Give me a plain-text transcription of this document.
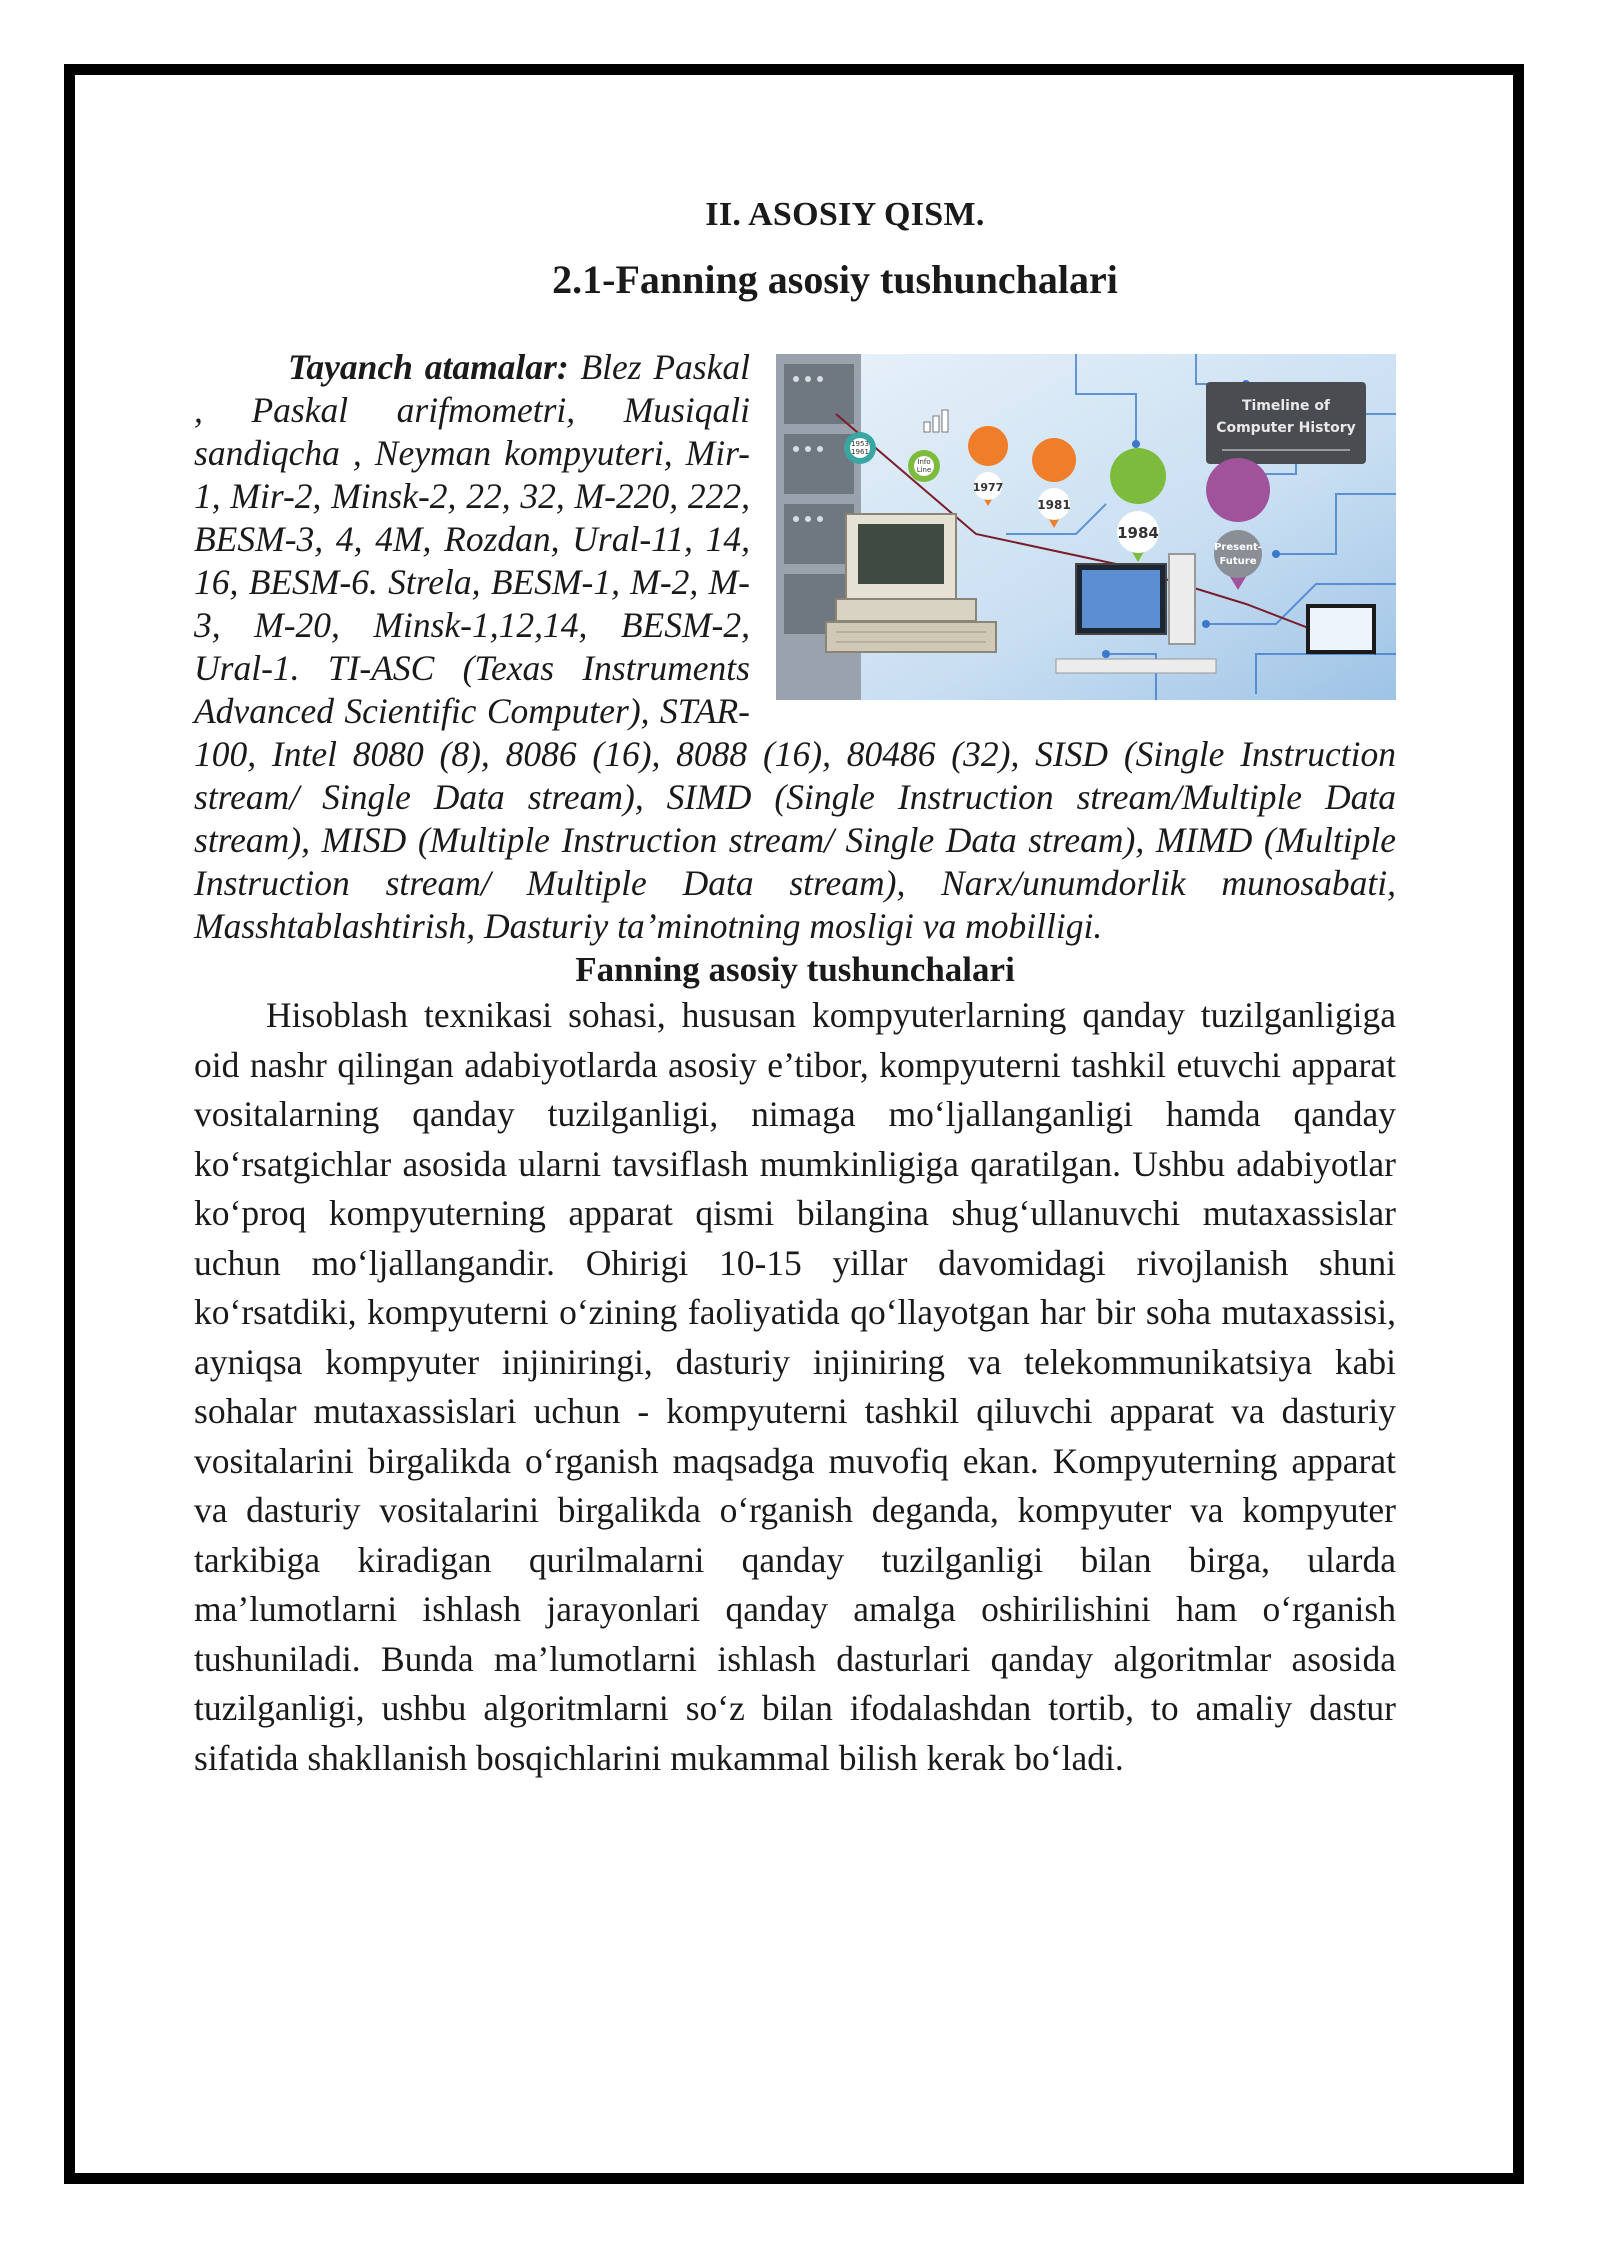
II. ASOSIY QISM.
2.1-Fanning asosiy tushunchalari
Timeline of
Computer History
1953
1961
Info
Line
1977
1981
1984
Present-
Future

Tayanch atamalar: Blez Paskal , Paskal arifmometri, Musiqali sandiqcha , Neyman kompyuteri, Mir-1, Mir-2, Minsk-2, 22, 32, M-220, 222, BESM-3, 4, 4M, Rozdan, Ural-11, 14, 16, BESM-6. Strela, BESM-1, M-2, M-3, M-20, Minsk-1,12,14, BESM-2, Ural-1. TI-ASC (Texas Instruments Advanced Scientific Computer), STAR-100, Intel 8080 (8), 8086 (16), 8088 (16), 80486 (32), SISD (Single Instruction stream/ Single Data stream), SIMD (Single Instruction stream/Multiple Data stream), MISD (Multiple Instruction stream/ Single Data stream), MIMD (Multiple Instruction stream/ Multiple Data stream), Narx/unumdorlik munosabati, Masshtablashtirish, Dasturiy ta’minotning mosligi va mobilligi.

Fanning asosiy tushunchalari

Hisoblash texnikasi sohasi, hususan kompyuterlarning qanday tuzilganligiga oid nashr qilingan adabiyotlarda asosiy e’tibor, kompyuterni tashkil etuvchi apparat vositalarning qanday tuzilganligi, nimaga mo‘ljallanganligi hamda qanday ko‘rsatgichlar asosida ularni tavsiflash mumkinligiga qaratilgan. Ushbu adabiyotlar ko‘proq kompyuterning apparat qismi bilangina shug‘ullanuvchi mutaxassislar uchun mo‘ljallangandir. Ohirigi 10-15 yillar davomidagi rivojlanish shuni ko‘rsatdiki, kompyuterni o‘zining faoliyatida qo‘llayotgan har bir soha mutaxassisi, ayniqsa kompyuter injiniringi, dasturiy injiniring va telekommunikatsiya kabi sohalar mutaxassislari uchun - kompyuterni tashkil qiluvchi apparat va dasturiy vositalarini birgalikda o‘rganish maqsadga muvofiq ekan. Kompyuterning apparat va dasturiy vositalarini birgalikda o‘rganish deganda, kompyuter va kompyuter tarkibiga kiradigan qurilmalarni qanday tuzilganligi bilan birga, ularda ma’lumotlarni ishlash jarayonlari qanday amalga oshirilishini ham o‘rganish tushuniladi. Bunda ma’lumotlarni ishlash dasturlari qanday algoritmlar asosida tuzilganligi, ushbu algoritmlarni so‘z bilan ifodalashdan tortib, to amaliy dastur sifatida shakllanish bosqichlarini mukammal bilish kerak bo‘ladi.
